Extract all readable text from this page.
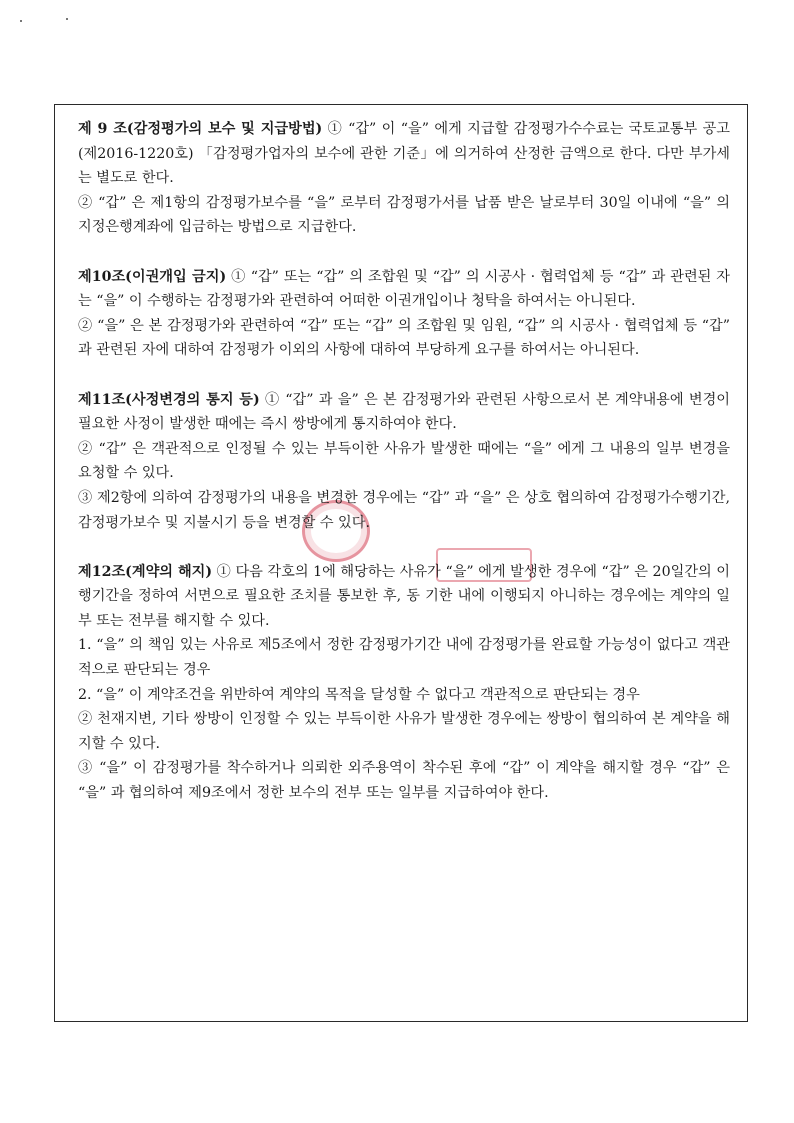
제 9 조(감정평가의 보수 및 지급방법) ① “갑” 이 “을” 에게 지급할 감정평가수수료는 국토교통부 공고(제2016-1220호) 「감정평가업자의 보수에 관한 기준」에 의거하여 산정한 금액으로 한다. 다만 부가세는 별도로 한다.

② “갑” 은 제1항의 감정평가보수를 “을” 로부터 감정평가서를 납품 받은 날로부터 30일 이내에 “을” 의 지정은행계좌에 입금하는 방법으로 지급한다.

제10조(이권개입 금지) ① “갑” 또는 “갑” 의 조합원 및 “갑” 의 시공사 · 협력업체 등 “갑” 과 관련된 자는 “을” 이 수행하는 감정평가와 관련하여 어떠한 이권개입이나 청탁을 하여서는 아니된다.

② “을” 은 본 감정평가와 관련하여 “갑” 또는 “갑” 의 조합원 및 임원, “갑” 의 시공사 · 협력업체 등 “갑” 과 관련된 자에 대하여 감정평가 이외의 사항에 대하여 부당하게 요구를 하여서는 아니된다.

제11조(사정변경의 통지 등) ① “갑” 과 을” 은 본 감정평가와 관련된 사항으로서 본 계약내용에 변경이 필요한 사정이 발생한 때에는 즉시 쌍방에게 통지하여야 한다.

② “갑” 은 객관적으로 인정될 수 있는 부득이한 사유가 발생한 때에는 “을” 에게 그 내용의 일부 변경을 요청할 수 있다.

③ 제2항에 의하여 감정평가의 내용을 변경한 경우에는 “갑” 과 “을” 은 상호 협의하여 감정평가수행기간, 감정평가보수 및 지불시기 등을 변경할 수 있다.

제12조(계약의 해지) ① 다음 각호의 1에 해당하는 사유가 “을” 에게 발생한 경우에 “갑” 은 20일간의 이행기간을 정하여 서면으로 필요한 조치를 통보한 후, 동 기한 내에 이행되지 아니하는 경우에는 계약의 일부 또는 전부를 해지할 수 있다.

1. “을” 의 책임 있는 사유로 제5조에서 정한 감정평가기간 내에 감정평가를 완료할 가능성이 없다고 객관적으로 판단되는 경우

2. “을” 이 계약조건을 위반하여 계약의 목적을 달성할 수 없다고 객관적으로 판단되는 경우

② 천재지변, 기타 쌍방이 인정할 수 있는 부득이한 사유가 발생한 경우에는 쌍방이 협의하여 본 계약을 해지할 수 있다.

③ “을” 이 감정평가를 착수하거나 의뢰한 외주용역이 착수된 후에 “갑” 이 계약을 해지할 경우 “갑” 은 “을” 과 협의하여 제9조에서 정한 보수의 전부 또는 일부를 지급하여야 한다.
